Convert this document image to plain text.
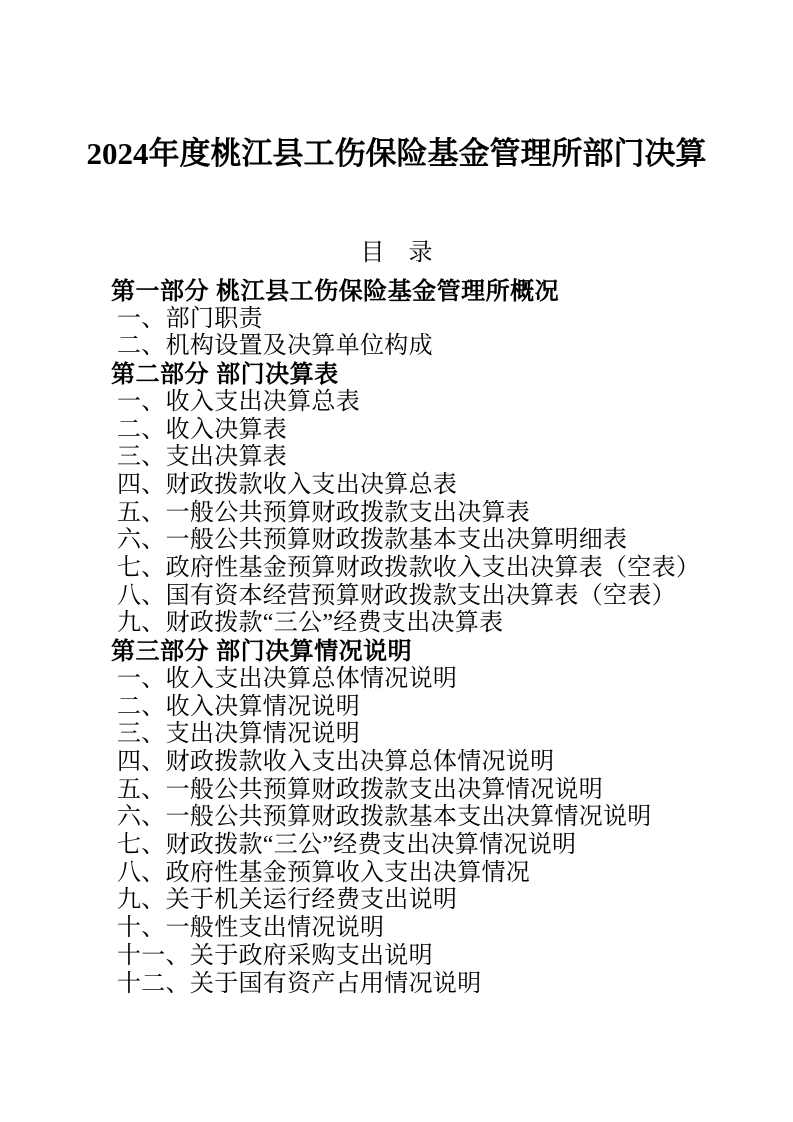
2024年度桃江县工伤保险基金管理所部门决算
目　录
第一部分 桃江县工伤保险基金管理所概况
一、部门职责
二、机构设置及决算单位构成
第二部分 部门决算表
一、收入支出决算总表
二、收入决算表
三、支出决算表
四、财政拨款收入支出决算总表
五、一般公共预算财政拨款支出决算表
六、一般公共预算财政拨款基本支出决算明细表
七、政府性基金预算财政拨款收入支出决算表（空表）
八、国有资本经营预算财政拨款支出决算表（空表）
九、财政拨款“三公”经费支出决算表
第三部分 部门决算情况说明
一、收入支出决算总体情况说明
二、收入决算情况说明
三、支出决算情况说明
四、财政拨款收入支出决算总体情况说明
五、一般公共预算财政拨款支出决算情况说明
六、一般公共预算财政拨款基本支出决算情况说明
七、财政拨款“三公”经费支出决算情况说明
八、政府性基金预算收入支出决算情况
九、关于机关运行经费支出说明
十、一般性支出情况说明
十一、关于政府采购支出说明
十二、关于国有资产占用情况说明
